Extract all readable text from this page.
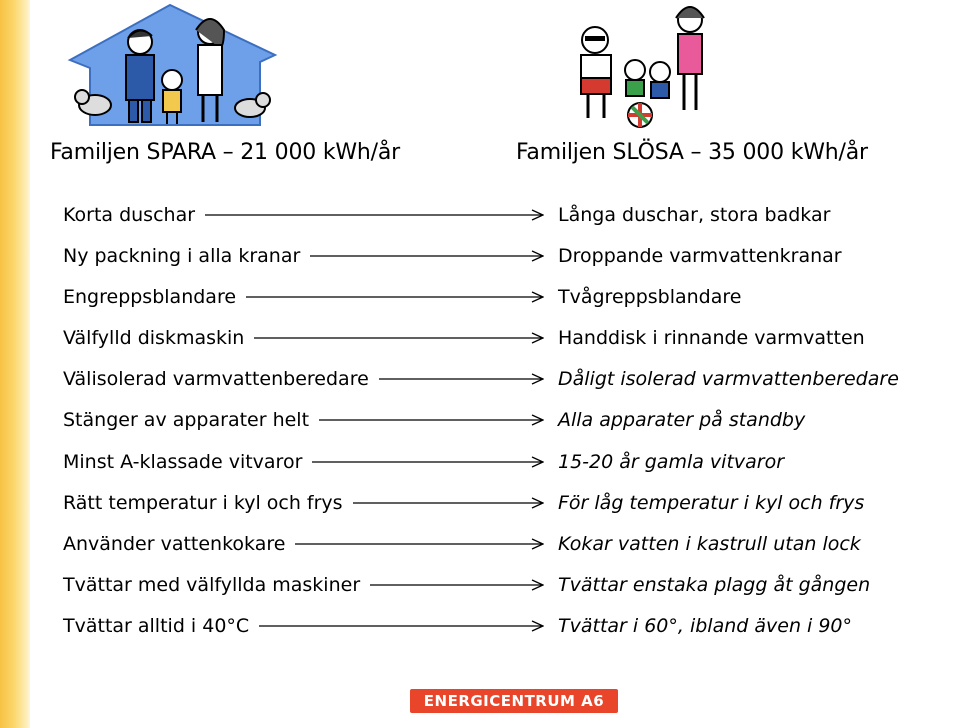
Familjen SPARA – 21 000 kWh/år	Familjen SLÖSA – 35 000 kWh/år
Korta duschar	Långa duschar, stora badkar
Ny packning i alla kranar	Droppande varmvattenkranar
Engreppsblandare	Tvågreppsblandare
Välfylld diskmaskin	Handdisk i rinnande varmvatten
Välisolerad varmvattenberedare	Dåligt isolerad varmvattenberedare
Stänger av apparater helt	Alla apparater på standby
Minst A-klassade vitvaror	15-20 år gamla vitvaror
Rätt temperatur i kyl och frys	För låg temperatur i kyl och frys
Använder vattenkokare	Kokar vatten i kastrull utan lock
Tvättar med välfyllda maskiner	Tvättar enstaka plagg åt gången
Tvättar alltid i 40°C	Tvättar i 60°, ibland även i 90°
ENERGICENTRUM A6
